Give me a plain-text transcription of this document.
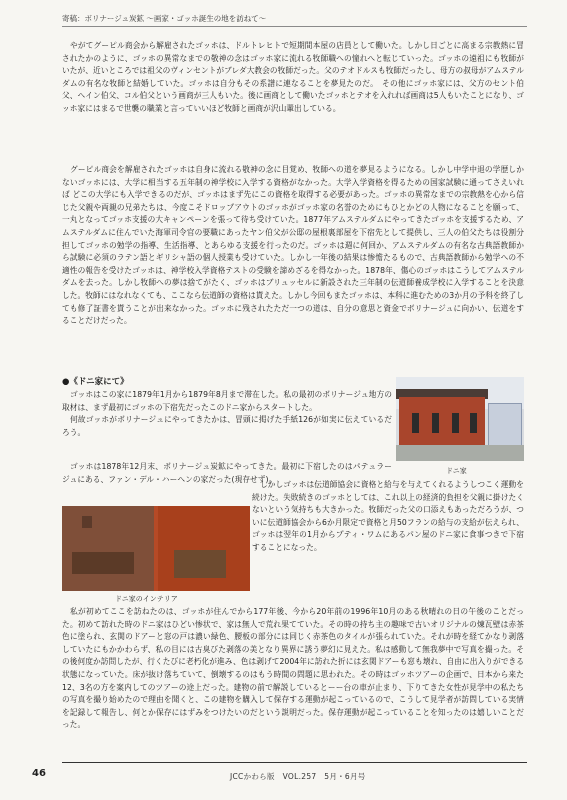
寄稿：ボリナージュ炭鉱 〜画家・ゴッホ誕生の地を訪ねて〜

やがてグーピル商会から解雇されたゴッホは、ドルトレヒトで短期間本屋の店員として働いた。しかし日ごとに高まる宗教熱に冒されたかのように、ゴッホの異常なまでの敬神の念はゴッホ家に流れる牧師職への憧れへと転じていった。ゴッホの遠祖にも牧師がいたが、近いところでは祖父のヴィンセントがブレダ大教会の牧師だった。父のテオドルスも牧師だったし、母方の叔母がアムステルダムの有名な牧師と結婚していた。ゴッホは自分もその系譜に連なることを夢見たのだ。　その他にゴッホ家には、父方のセント伯父、ヘイン伯父、コル伯父という画商が三人もいた。後に画商として働いたゴッホとテオを入れれば画商は5人もいたことになり、ゴッホ家にはまるで世襲の職業と言っていいほど牧師と画商が沢山輩出している。

グーピル商会を解雇されたゴッホは自身に流れる敬神の念に目覚め、牧師への道を夢見るようになる。しかし中学中退の学歴しかないゴッホには、大学に相当する五年制の神学校に入学する資格がなかった。大学入学資格を得るための国家試験に通ってさえいれば どこの大学にも入学できるのだが、ゴッホはまず先にこの資格を取得する必要があった。ゴッホの異常なまでの宗教熱を心から信じた父親や両親の兄弟たちは、今度こそドロップアウトのゴッホがゴッホ家の名誉のためにもひとかどの人物になることを願って、一丸となってゴッホ支援の大キャンペーンを張って待ち受けていた。1877年アムステルダムにやってきたゴッホを支援するため、アムステルダムに住んでいた海軍司令官の要職にあったヤン伯父が公邸の屋根裏部屋を下宿先として提供し、三人の伯父たちは役割分担してゴッホの勉学の指導、生活指導、とあらゆる支援を行ったのだ。ゴッホは週に何回か、アムステルダムの有名な古典語教師から試験に必須のラテン語とギリシャ語の個人授業も受けていた。しかし一年後の結果は惨憺たるもので、古典語教師から勉学への不適性の報告を受けたゴッホは、神学校入学資格テストの受験を諦めざるを得なかった。1878年、傷心のゴッホはこうしてアムステルダムを去った。しかし牧師への夢は捨てがたく、ゴッホはブリュッセルに新設された三年制の伝道師養成学校に入学することを決意した。牧師にはなれなくても、ここなら伝道師の資格は貰えた。しかし今回もまたゴッホは、本科に進むための3か月の予科を終了しても修了証書を貰うことが出来なかった。ゴッホに残されたただ一つの道は、自分の意思と資金でボリナージュに向かい、伝道をすることだけだった。

●《ドニ家にて》

ゴッホはこの家に1879年1月から1879年8月まで滞在した。私の最初のボリナージュ地方の取材は、まず最初にゴッホの下宿先だったこのドニ家からスタートした。

何故ゴッホがボリナージュにやってきたかは、冒頭に掲げた手紙126が如実に伝えているだろう。

ゴッホは1878年12月末、ボリナージュ炭鉱にやってきた。最初に下宿したのはパテュラージュにある、ファン・デル・ハーヘンの家だった(現存せず)。

ドニ家
ドニ家のインテリア

しかしゴッホは伝道師協会に資格と給与を与えてくれるようしつこく運動を続けた。失敗続きのゴッホとしては、これ以上の経済的負担を父親に掛けたくないという気持ちも大きかった。牧師だった父の口添えもあっただろうが、ついに伝道師協会から6か月限定で資格と月50フランの給与の支給が伝えられ、ゴッホは翌年の1月からプティ・ワムにあるパン屋のドニ家に食事つきで下宿することになった。

私が初めてここを訪ねたのは、ゴッホが住んでから177年後、今から20年前の1996年10月のある秋晴れの日の午後のことだった。初めて訪れた時のドニ家はひどい惨状で、家は無人で荒れ果てていた。その時の持ち主の趣味で古いオリジナルの煉瓦壁は赤茶色に塗られ、玄関のドアーと窓の戸は濃い緑色、腰板の部分には同じく赤茶色のタイルが張られていた。それが時を経てかなり剥落していたにもかかわらず、私の目には古臭びた剥落の美となり異界に誘う夢幻に見えた。私は感動して無我夢中で写真を撮った。その後何度か訪問したが、行くたびに老朽化が進み、色は剥げて2004年に訪れた折には玄関ドアーも窓も壊れ、自由に出入りができる状態になっていた。床が抜け落ちていて、倒壊するのはもう時間の問題に思われた。その時はゴッホツアーの企画で、日本から来た12、3名の方を案内してのツアーの途上だった。建物の前で解説しているとーー台の車が止まり、下りてきた女性が見学中の私たちの写真を撮り始めたので理由を聞くと、この建物を購入して保存する運動が起こっているので、こうして見学者が訪問している実情を記録して報告し、何とか保存にはずみをつけたいのだという説明だった。保存運動が起こっていることを知ったのは嬉しいことだった。

46	JCCかわら版　VOL.257　5月・6月号
